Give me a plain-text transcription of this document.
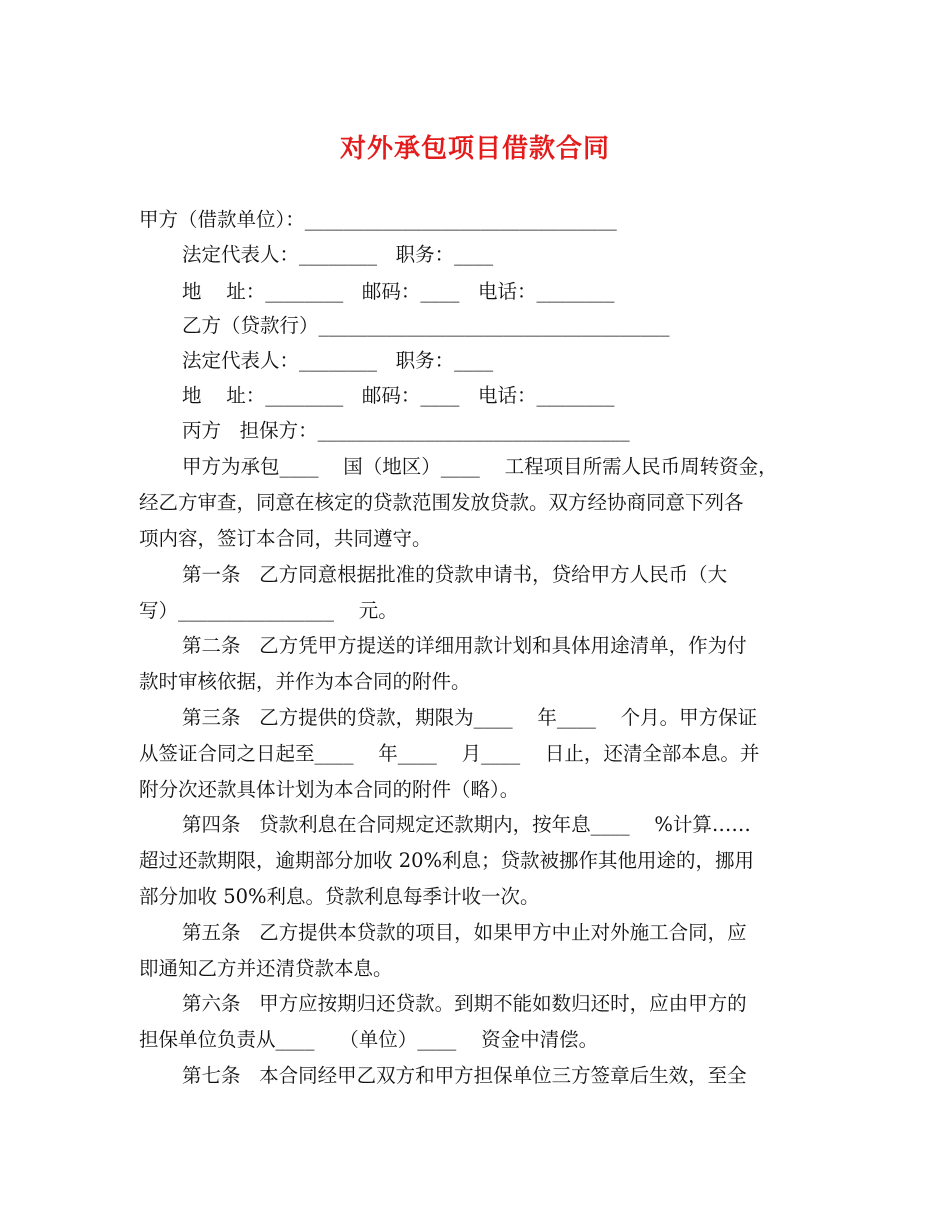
对外承包项目借款合同
甲方（借款单位）：________________________________
法定代表人：________   职务：____
地    址：________   邮码：____   电话：________
乙方（贷款行）____________________________________
法定代表人：________   职务：____
地    址：________   邮码：____   电话：________
丙方   担保方：________________________________
甲方为承包____    国（地区）____    工程项目所需人民币周转资金，
经乙方审查，同意在核定的贷款范围发放贷款。双方经协商同意下列各
项内容，签订本合同，共同遵守。
第一条   乙方同意根据批准的贷款申请书，贷给甲方人民币（大
写）________________    元。
第二条   乙方凭甲方提送的详细用款计划和具体用途清单，作为付
款时审核依据，并作为本合同的附件。
第三条   乙方提供的贷款，期限为____    年____    个月。甲方保证
从签证合同之日起至____    年____    月____    日止，还清全部本息。并
附分次还款具体计划为本合同的附件（略）。
第四条   贷款利息在合同规定还款期内，按年息____    %计算……
超过还款期限，逾期部分加收 20%利息；贷款被挪作其他用途的，挪用
部分加收 50%利息。贷款利息每季计收一次。
第五条   乙方提供本贷款的项目，如果甲方中止对外施工合同，应
即通知乙方并还清贷款本息。
第六条   甲方应按期归还贷款。到期不能如数归还时，应由甲方的
担保单位负责从____    （单位）____    资金中清偿。
第七条   本合同经甲乙双方和甲方担保单位三方签章后生效，至全
